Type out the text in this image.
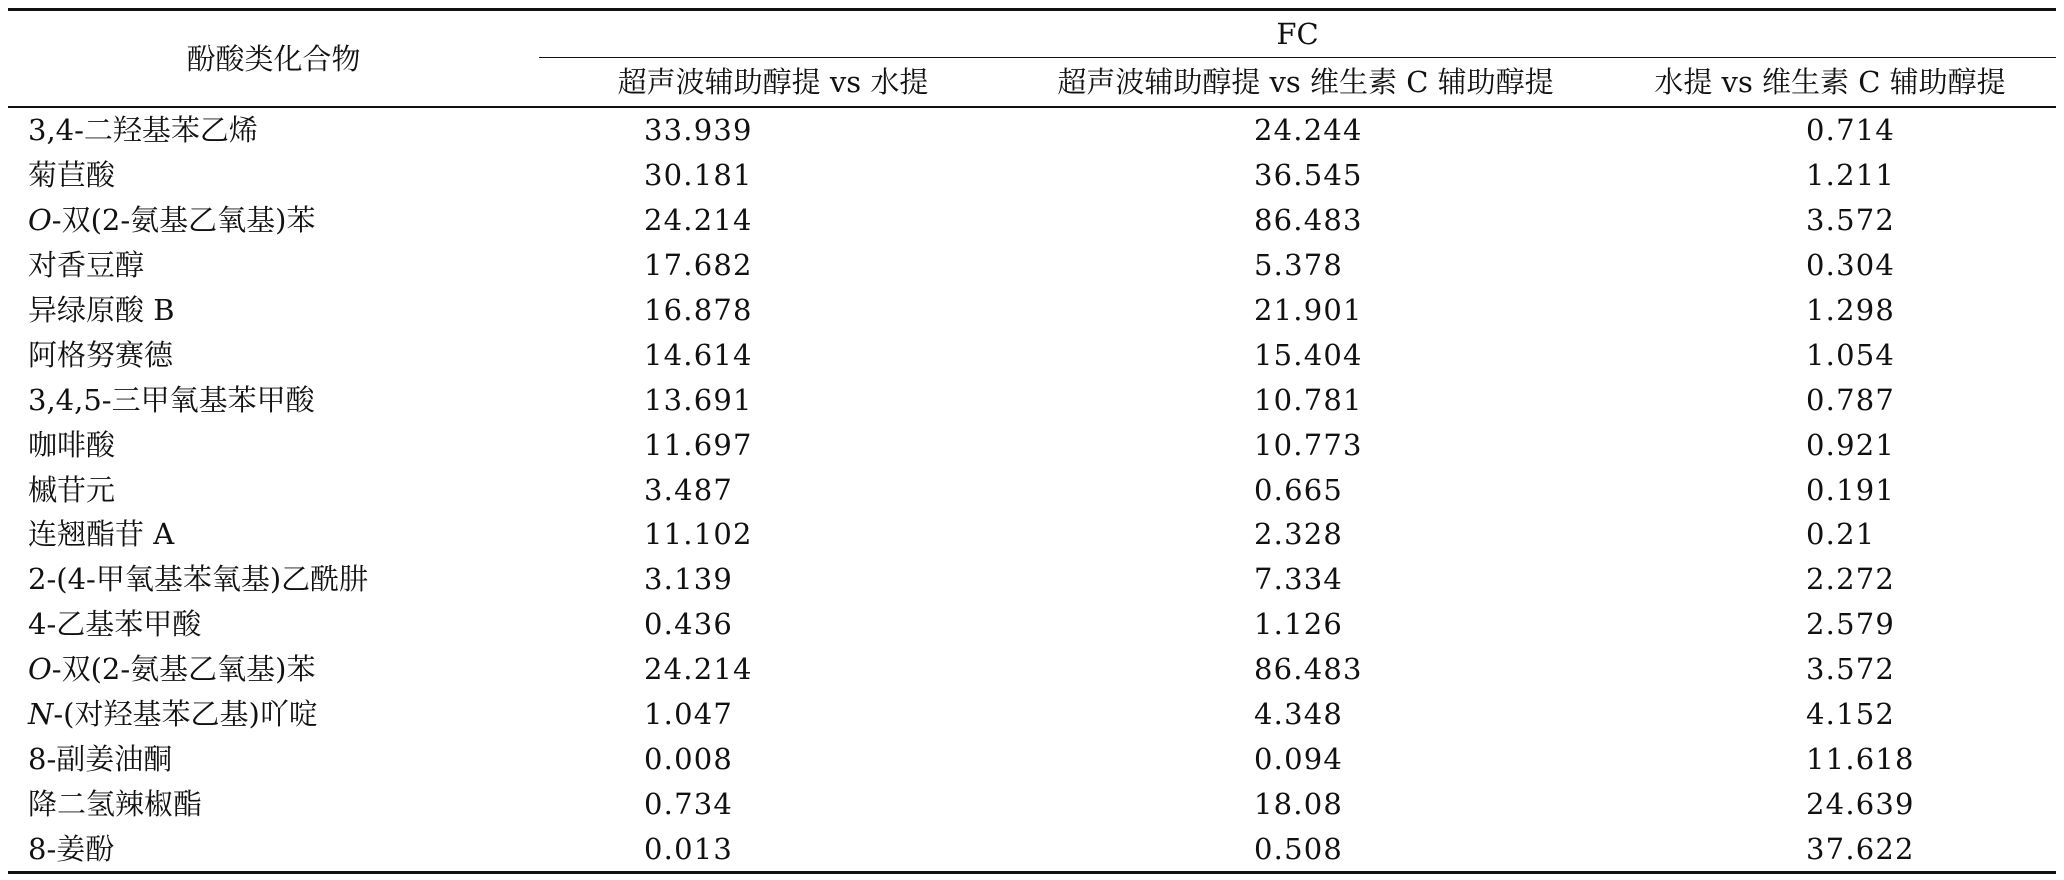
酚酸类化合物	FC		
	超声波辅助醇提 vs 水提	超声波辅助醇提 vs 维生素 C 辅助醇提	水提 vs 维生素 C 辅助醇提
3,4-二羟基苯乙烯	33.939	24.244	0.714
菊苣酸	30.181	36.545	1.211
O-双(2-氨基乙氧基)苯	24.214	86.483	3.572
对香豆醇	17.682	5.378	0.304
异绿原酸 B	16.878	21.901	1.298
阿格努赛德	14.614	15.404	1.054
3,4,5-三甲氧基苯甲酸	13.691	10.781	0.787
咖啡酸	11.697	10.773	0.921
槭苷元	3.487	0.665	0.191
连翘酯苷 A	11.102	2.328	0.21
2-(4-甲氧基苯氧基)乙酰肼	3.139	7.334	2.272
4-乙基苯甲酸	0.436	1.126	2.579
O-双(2-氨基乙氧基)苯	24.214	86.483	3.572
N-(对羟基苯乙基)吖啶	1.047	4.348	4.152
8-副姜油酮	0.008	0.094	11.618
降二氢辣椒酯	0.734	18.08	24.639
8-姜酚	0.013	0.508	37.622
